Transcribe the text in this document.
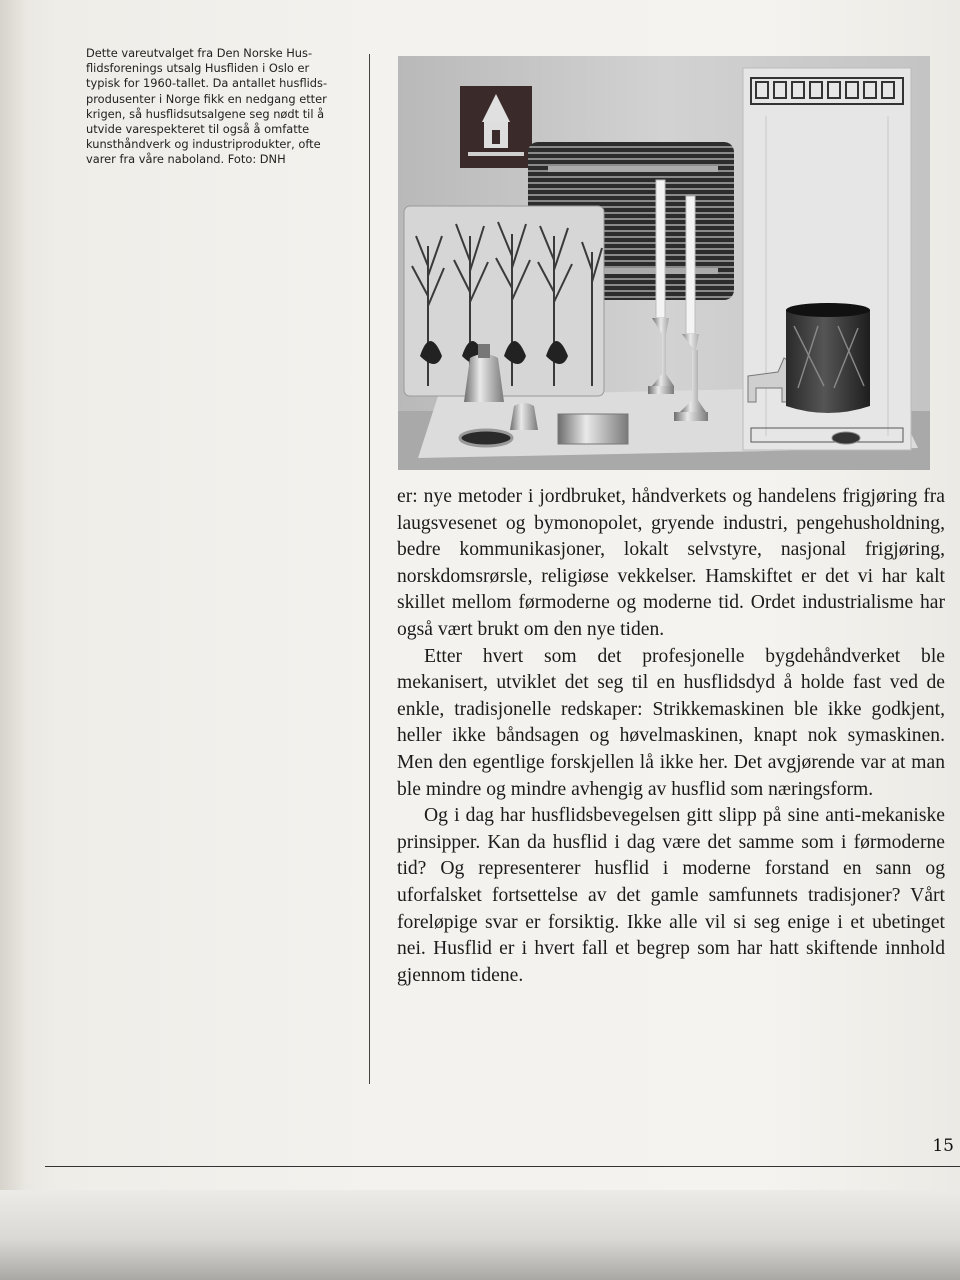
Dette vareutvalget fra Den Norske Hus-

flidsforenings utsalg Husfliden i Oslo er

typisk for 1960-tallet. Da antallet husflids-

produsenter i Norge fikk en nedgang etter

krigen, så husflidsutsalgene seg nødt til å

utvide varespekteret til også å omfatte

kunsthåndverk og industriprodukter, ofte

varer fra våre naboland. Foto: DNH

er: nye metoder i jordbruket, håndverkets og handelens frigjøring fra laugsvesenet og bymonopolet, gryende industri, pengehusholdning, bedre kommunikasjoner, lokalt selvstyre, nasjonal frigjøring, norskdomsrørsle, religiøse vekkelser. Hamskiftet er det vi har kalt skillet mellom førmoderne og moderne tid. Ordet industrialisme har også vært brukt om den nye tiden.

Etter hvert som det profesjonelle bygdehåndverket ble mekanisert, utviklet det seg til en husflidsdyd å holde fast ved de enkle, tradisjonelle redskaper: Strikkemaskinen ble ikke godkjent, heller ikke båndsagen og høvelmaskinen, knapt nok symaskinen. Men den egentlige forskjellen lå ikke her. Det avgjørende var at man ble mindre og mindre avhengig av husflid som næringsform.

Og i dag har husflidsbevegelsen gitt slipp på sine anti-mekaniske prinsipper. Kan da husflid i dag være det samme som i førmoderne tid? Og representerer husflid i moderne forstand en sann og uforfalsket fortsettelse av det gamle samfunnets tradisjoner? Vårt foreløpige svar er forsiktig. Ikke alle vil si seg enige i et ubetinget nei. Husflid er i hvert fall et begrep som har hatt skiftende innhold gjennom tidene.

15
